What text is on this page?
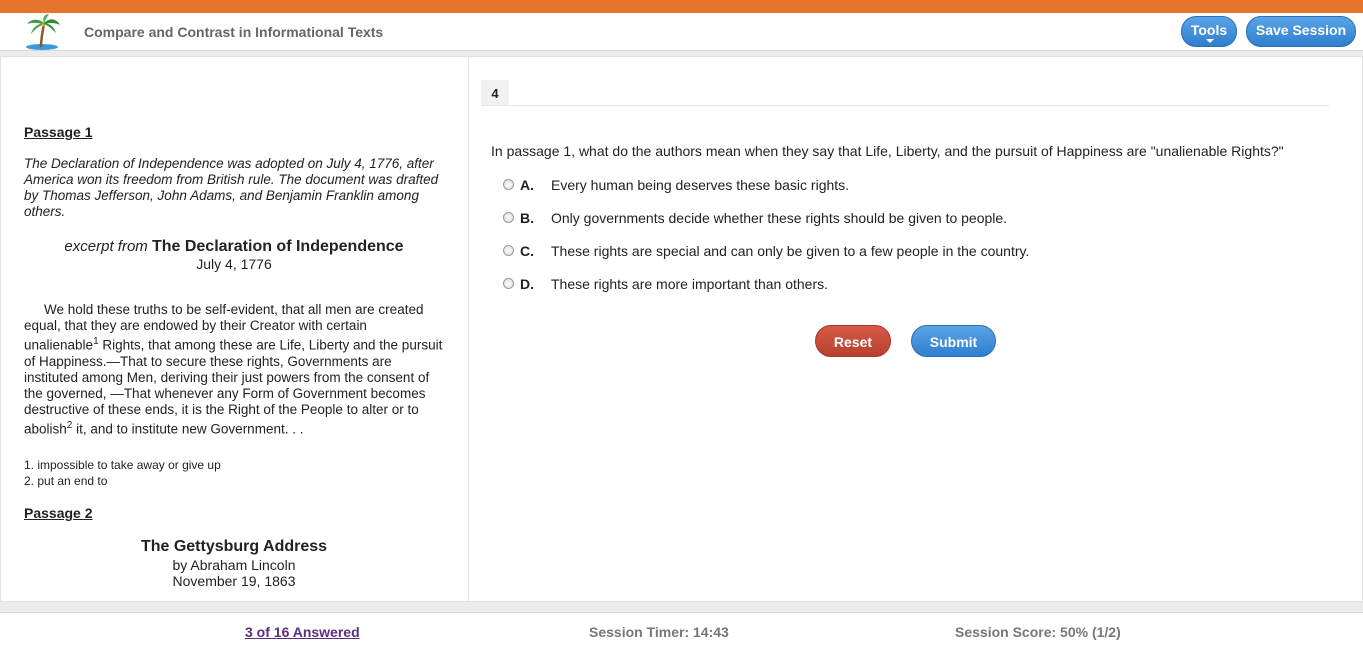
Compare and Contrast in Informational Texts	Tools	Save Session
Passage 1
The Declaration of Independence was adopted on July 4, 1776, after America won its freedom from British rule. The document was drafted by Thomas Jefferson, John Adams, and Benjamin Franklin among others.
excerpt from The Declaration of Independence
July 4, 1776
We hold these truths to be self-evident, that all men are created equal, that they are endowed by their Creator with certain unalienable$^1$ Rights, that among these are Life, Liberty and the pursuit of Happiness.—That to secure these rights, Governments are instituted among Men, deriving their just powers from the consent of the governed, —That whenever any Form of Government becomes destructive of these ends, it is the Right of the People to alter or to abolish$^2$ it, and to institute new Government. . .
1. impossible to take away or give up
2. put an end to
Passage 2
The Gettysburg Address
by Abraham Lincoln
November 19, 1863
4
In passage 1, what do the authors mean when they say that Life, Liberty, and the pursuit of Happiness are "unalienable Rights?"
A. Every human being deserves these basic rights.
B. Only governments decide whether these rights should be given to people.
C. These rights are special and can only be given to a few people in the country.
D. These rights are more important than others.
Reset	Submit
3 of 16 Answered	Session Timer: 14:43	Session Score: 50% (1/2)
